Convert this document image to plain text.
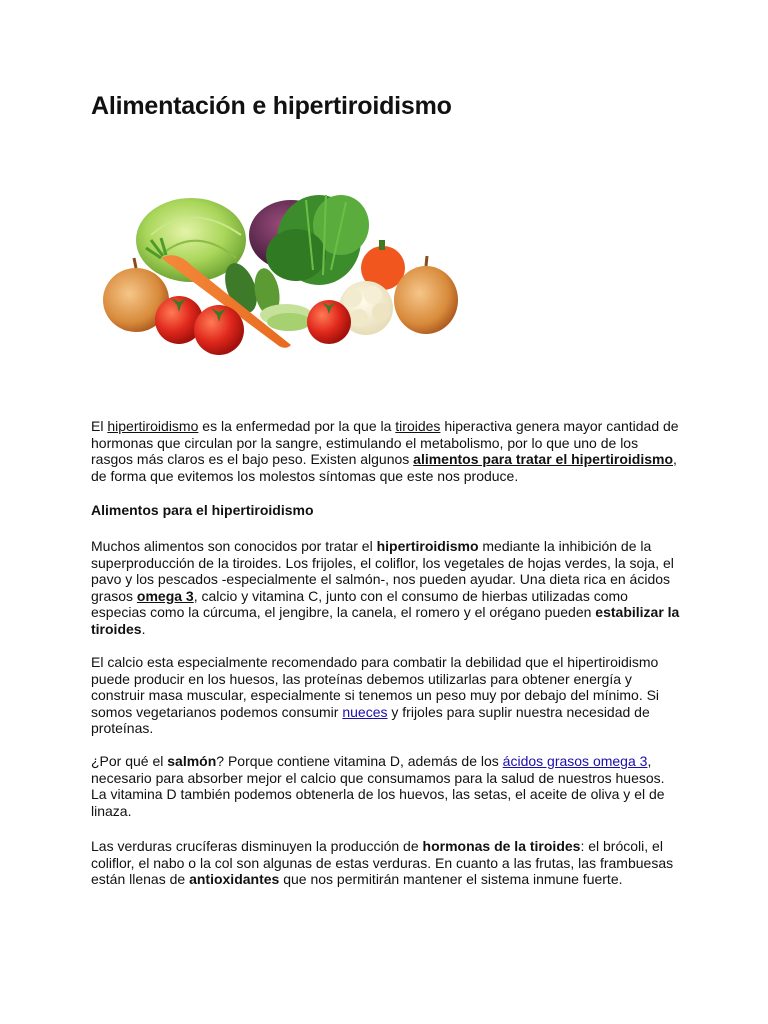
Alimentación e hipertiroidismo

El hipertiroidismo es la enfermedad por la que la tiroides hiperactiva genera mayor cantidad de hormonas que circulan por la sangre, estimulando el metabolismo, por lo que uno de los rasgos más claros es el bajo peso. Existen algunos alimentos para tratar el hipertiroidismo, de forma que evitemos los molestos síntomas que este nos produce.

Alimentos para el hipertiroidismo

Muchos alimentos son conocidos por tratar el hipertiroidismo mediante la inhibición de la superproducción de la tiroides. Los frijoles, el coliflor, los vegetales de hojas verdes, la soja, el pavo y los pescados -especialmente el salmón-, nos pueden ayudar. Una dieta rica en ácidos grasos omega 3, calcio y vitamina C, junto con el consumo de hierbas utilizadas como especias como la cúrcuma, el jengibre, la canela, el romero y el orégano pueden estabilizar la tiroides.

El calcio esta especialmente recomendado para combatir la debilidad que el hipertiroidismo puede producir en los huesos, las proteínas debemos utilizarlas para obtener energía y construir masa muscular, especialmente si tenemos un peso muy por debajo del mínimo. Si somos vegetarianos podemos consumir nueces y frijoles para suplir nuestra necesidad de proteínas.

¿Por qué el salmón? Porque contiene vitamina D, además de los ácidos grasos omega 3, necesario para absorber mejor el calcio que consumamos para la salud de nuestros huesos. La vitamina D también podemos obtenerla de los huevos, las setas, el aceite de oliva y el de linaza.

Las verduras crucíferas disminuyen la producción de hormonas de la tiroides: el brócoli, el coliflor, el nabo o la col son algunas de estas verduras. En cuanto a las frutas, las frambuesas están llenas de antioxidantes que nos permitirán mantener el sistema inmune fuerte.
